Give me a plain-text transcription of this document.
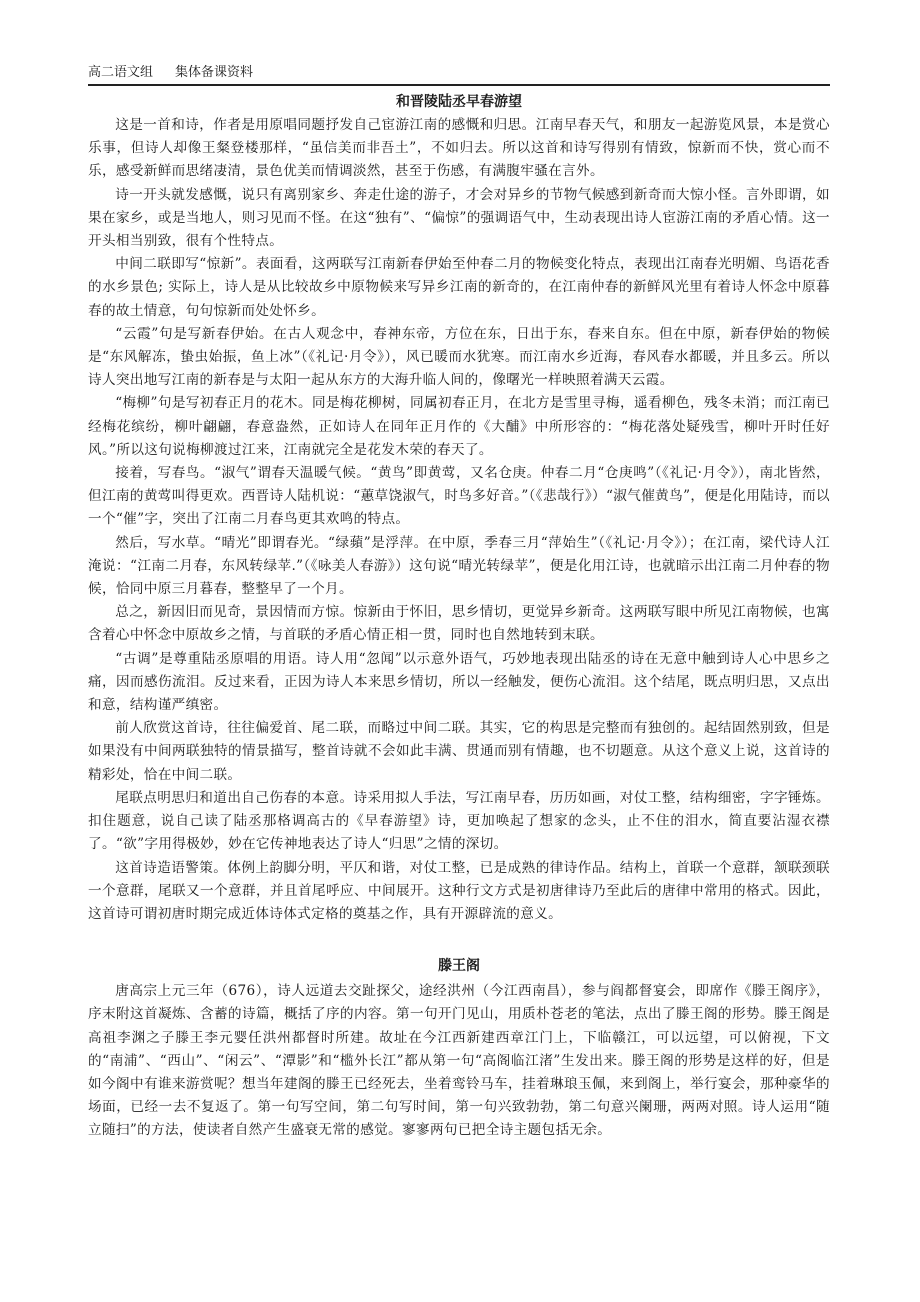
高二语文组 集体备课资料
和晋陵陆丞早春游望

这是一首和诗，作者是用原唱同题抒发自己宦游江南的感慨和归思。江南早春天气，和朋友一起游览风景，本是赏心乐事，但诗人却像王粲登楼那样，“虽信美而非吾土”，不如归去。所以这首和诗写得别有情致，惊新而不快，赏心而不乐，感受新鲜而思绪凄清，景色优美而情调淡然，甚至于伤感，有满腹牢骚在言外。

诗一开头就发感慨，说只有离别家乡、奔走仕途的游子，才会对异乡的节物气候感到新奇而大惊小怪。言外即谓，如果在家乡，或是当地人，则习见而不怪。在这“独有”、“偏惊”的强调语气中，生动表现出诗人宦游江南的矛盾心情。这一开头相当别致，很有个性特点。

中间二联即写“惊新”。表面看，这两联写江南新春伊始至仲春二月的物候变化特点，表现出江南春光明媚、鸟语花香的水乡景色; 实际上，诗人是从比较故乡中原物候来写异乡江南的新奇的，在江南仲春的新鲜风光里有着诗人怀念中原暮春的故土情意，句句惊新而处处怀乡。

“云霞”句是写新春伊始。在古人观念中，春神东帝，方位在东，日出于东，春来自东。但在中原，新春伊始的物候是“东风解冻，蛰虫始振，鱼上冰”（《礼记·月令》），风已暖而水犹寒。而江南水乡近海，春风春水都暖，并且多云。所以诗人突出地写江南的新春是与太阳一起从东方的大海升临人间的，像曙光一样映照着满天云霞。

“梅柳”句是写初春正月的花木。同是梅花柳树，同属初春正月，在北方是雪里寻梅，遥看柳色，残冬未消；而江南已经梅花缤纷，柳叶翩翩，春意盎然，正如诗人在同年正月作的《大酺》中所形容的：“梅花落处疑残雪，柳叶开时任好风。”所以这句说梅柳渡过江来，江南就完全是花发木荣的春天了。

接着，写春鸟。“淑气”谓春天温暖气候。“黄鸟”即黄莺，又名仓庚。仲春二月“仓庚鸣”（《礼记·月令》），南北皆然，但江南的黄莺叫得更欢。西晋诗人陆机说：“蕙草饶淑气，时鸟多好音。”（《悲哉行》）“淑气催黄鸟”，便是化用陆诗，而以一个“催”字，突出了江南二月春鸟更其欢鸣的特点。

然后，写水草。“晴光”即谓春光。“绿蘋”是浮萍。在中原，季春三月“萍始生”（《礼记·月令》）；在江南，梁代诗人江淹说：“江南二月春，东风转绿苹.”（《咏美人春游》）这句说“晴光转绿苹”，便是化用江诗，也就暗示出江南二月仲春的物候，恰同中原三月暮春，整整早了一个月。

总之，新因旧而见奇，景因情而方惊。惊新由于怀旧，思乡情切，更觉异乡新奇。这两联写眼中所见江南物候，也寓含着心中怀念中原故乡之情，与首联的矛盾心情正相一贯，同时也自然地转到末联。

“古调”是尊重陆丞原唱的用语。诗人用“忽闻”以示意外语气，巧妙地表现出陆丞的诗在无意中触到诗人心中思乡之痛，因而感伤流泪。反过来看，正因为诗人本来思乡情切，所以一经触发，便伤心流泪。这个结尾，既点明归思，又点出和意，结构谨严缜密。

前人欣赏这首诗，往往偏爱首、尾二联，而略过中间二联。其实，它的构思是完整而有独创的。起结固然别致，但是如果没有中间两联独特的情景描写，整首诗就不会如此丰满、贯通而别有情趣，也不切题意。从这个意义上说，这首诗的精彩处，恰在中间二联。

尾联点明思归和道出自己伤春的本意。诗采用拟人手法，写江南早春，历历如画，对仗工整，结构细密，字字锤炼。扣住题意，说自己读了陆丞那格调高古的《早春游望》诗，更加唤起了想家的念头，止不住的泪水，简直要沾湿衣襟了。“欲”字用得极妙，妙在它传神地表达了诗人“归思”之情的深切。

这首诗造语警策。体例上韵脚分明，平仄和谐，对仗工整，已是成熟的律诗作品。结构上，首联一个意群，颔联颈联一个意群，尾联又一个意群，并且首尾呼应、中间展开。这种行文方式是初唐律诗乃至此后的唐律中常用的格式。因此，这首诗可谓初唐时期完成近体诗体式定格的奠基之作，具有开源辟流的意义。

滕王阁

唐高宗上元三年（676），诗人远道去交趾探父，途经洪州（今江西南昌），参与阎都督宴会，即席作《滕王阁序》，序末附这首凝炼、含蓄的诗篇，概括了序的内容。第一句开门见山，用质朴苍老的笔法，点出了滕王阁的形势。滕王阁是高祖李渊之子滕王李元婴任洪州都督时所建。故址在今江西新建西章江门上，下临赣江，可以远望，可以俯视，下文的“南浦”、“西山”、“闲云”、“潭影”和“槛外长江”都从第一句“高阁临江渚”生发出来。滕王阁的形势是这样的好，但是如今阁中有谁来游赏呢？想当年建阁的滕王已经死去，坐着鸾铃马车，挂着琳琅玉佩，来到阁上，举行宴会，那种豪华的场面，已经一去不复返了。第一句写空间，第二句写时间，第一句兴致勃勃，第二句意兴阑珊，两两对照。诗人运用“随立随扫”的方法，使读者自然产生盛衰无常的感觉。寥寥两句已把全诗主题包括无余。
